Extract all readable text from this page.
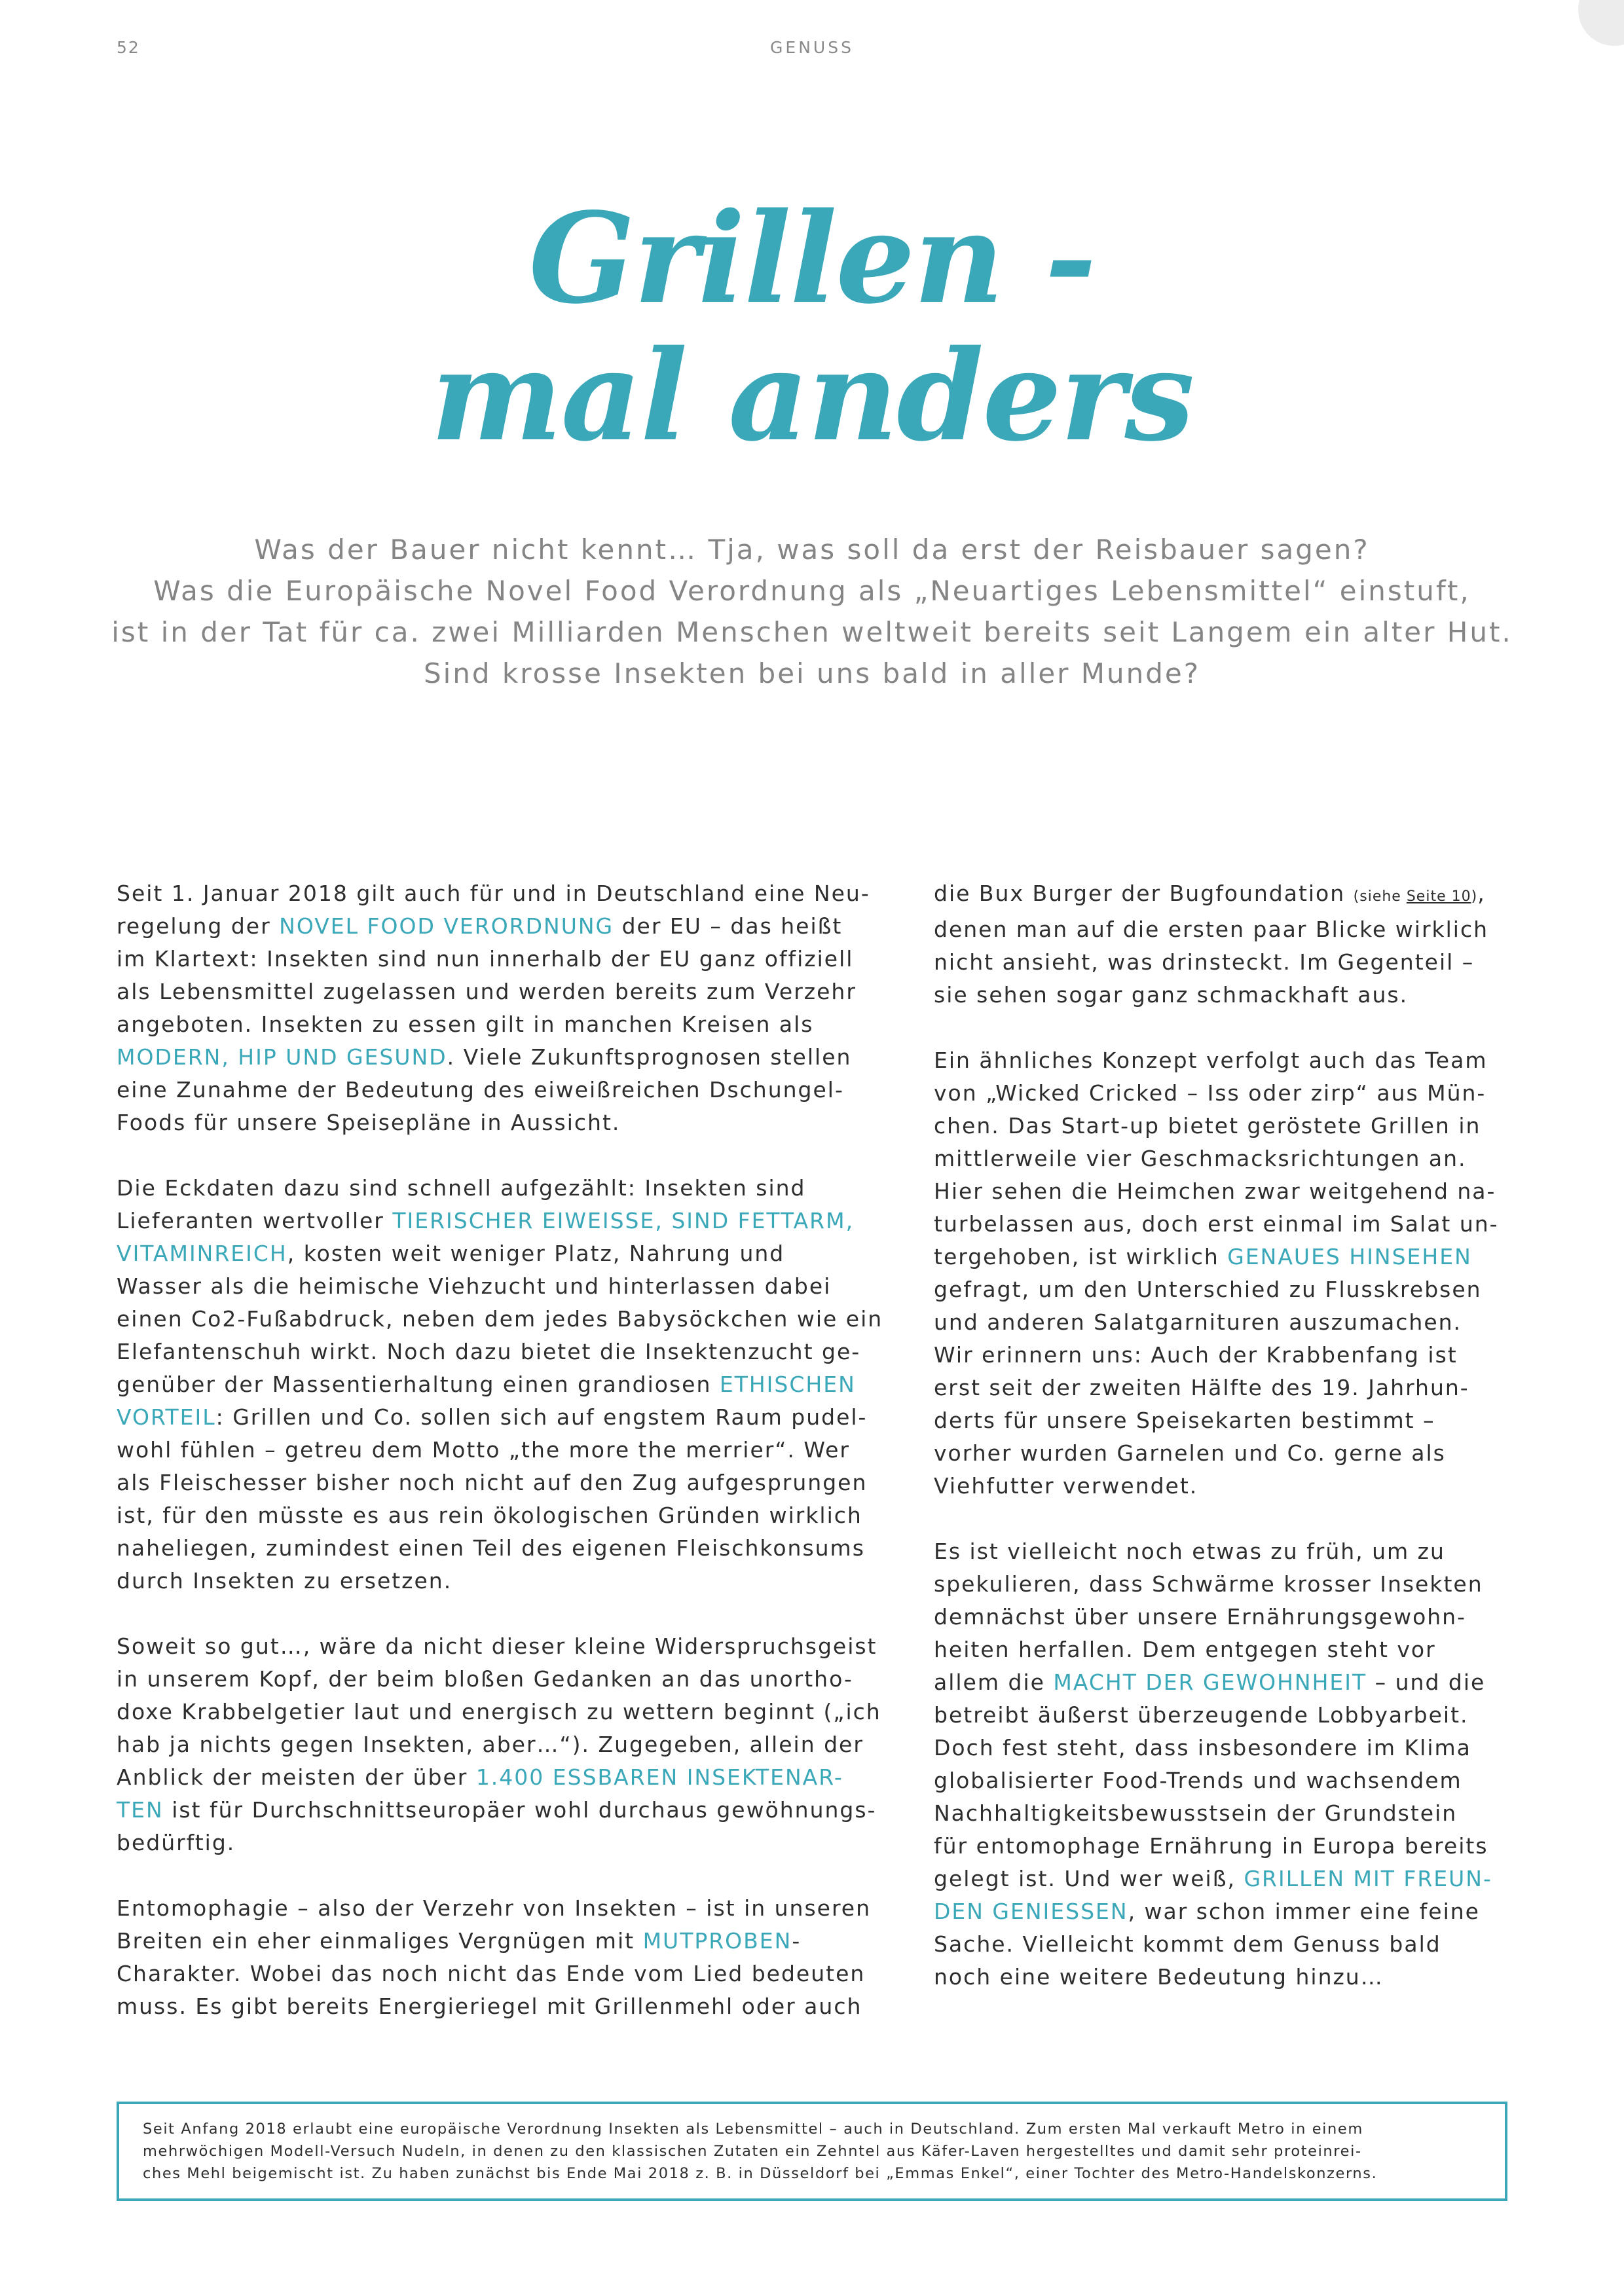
52	GENUSS
Grillen -
mal anders
Was der Bauer nicht kennt… Tja, was soll da erst der Reisbauer sagen?
Was die Europäische Novel Food Verordnung als „Neuartiges Lebensmittel“ einstuft,
ist in der Tat für ca. zwei Milliarden Menschen weltweit bereits seit Langem ein alter Hut.
Sind krosse Insekten bei uns bald in aller Munde?

Seit 1. Januar 2018 gilt auch für und in Deutschland eine Neu-
regelung der NOVEL FOOD VERORDNUNG der EU – das heißt
im Klartext: Insekten sind nun innerhalb der EU ganz offiziell
als Lebensmittel zugelassen und werden bereits zum Verzehr
angeboten. Insekten zu essen gilt in manchen Kreisen als
MODERN, HIP UND GESUND. Viele Zukunftsprognosen stellen
eine Zunahme der Bedeutung des eiweißreichen Dschungel-
Foods für unsere Speisepläne in Aussicht.

Die Eckdaten dazu sind schnell aufgezählt: Insekten sind
Lieferanten wertvoller TIERISCHER EIWEISSE, SIND FETTARM,
VITAMINREICH, kosten weit weniger Platz, Nahrung und
Wasser als die heimische Viehzucht und hinterlassen dabei
einen Co2-Fußabdruck, neben dem jedes Babysöckchen wie ein
Elefantenschuh wirkt. Noch dazu bietet die Insektenzucht ge-
genüber der Massentierhaltung einen grandiosen ETHISCHEN
VORTEIL: Grillen und Co. sollen sich auf engstem Raum pudel-
wohl fühlen – getreu dem Motto „the more the merrier“. Wer
als Fleischesser bisher noch nicht auf den Zug aufgesprungen
ist, für den müsste es aus rein ökologischen Gründen wirklich
naheliegen, zumindest einen Teil des eigenen Fleischkonsums
durch Insekten zu ersetzen.

Soweit so gut…, wäre da nicht dieser kleine Widerspruchsgeist
in unserem Kopf, der beim bloßen Gedanken an das unortho-
doxe Krabbelgetier laut und energisch zu wettern beginnt („ich
hab ja nichts gegen Insekten, aber…“). Zugegeben, allein der
Anblick der meisten der über 1.400 ESSBAREN INSEKTENAR-
TEN ist für Durchschnittseuropäer wohl durchaus gewöhnungs-
bedürftig.

Entomophagie – also der Verzehr von Insekten – ist in unseren
Breiten ein eher einmaliges Vergnügen mit MUTPROBEN-
Charakter. Wobei das noch nicht das Ende vom Lied bedeuten
muss. Es gibt bereits Energieriegel mit Grillenmehl oder auch

die Bux Burger der Bugfoundation (siehe Seite 10),
denen man auf die ersten paar Blicke wirklich
nicht ansieht, was drinsteckt. Im Gegenteil –
sie sehen sogar ganz schmackhaft aus.

Ein ähnliches Konzept verfolgt auch das Team
von „Wicked Cricked – Iss oder zirp“ aus Mün-
chen. Das Start-up bietet geröstete Grillen in
mittlerweile vier Geschmacksrichtungen an.
Hier sehen die Heimchen zwar weitgehend na-
turbelassen aus, doch erst einmal im Salat un-
tergehoben, ist wirklich GENAUES HINSEHEN
gefragt, um den Unterschied zu Flusskrebsen
und anderen Salatgarnituren auszumachen.
Wir erinnern uns: Auch der Krabbenfang ist
erst seit der zweiten Hälfte des 19. Jahrhun-
derts für unsere Speisekarten bestimmt –
vorher wurden Garnelen und Co. gerne als
Viehfutter verwendet.

Es ist vielleicht noch etwas zu früh, um zu
spekulieren, dass Schwärme krosser Insekten
demnächst über unsere Ernährungsgewohn-
heiten herfallen. Dem entgegen steht vor
allem die MACHT DER GEWOHNHEIT – und die
betreibt äußerst überzeugende Lobbyarbeit.
Doch fest steht, dass insbesondere im Klima
globalisierter Food-Trends und wachsendem
Nachhaltigkeitsbewusstsein der Grundstein
für entomophage Ernährung in Europa bereits
gelegt ist. Und wer weiß, GRILLEN MIT FREUN-
DEN GENIESSEN, war schon immer eine feine
Sache. Vielleicht kommt dem Genuss bald
noch eine weitere Bedeutung hinzu…

Seit Anfang 2018 erlaubt eine europäische Verordnung Insekten als Lebensmittel – auch in Deutschland. Zum ersten Mal verkauft Metro in einem
mehrwöchigen Modell-Versuch Nudeln, in denen zu den klassischen Zutaten ein Zehntel aus Käfer-Laven hergestelltes und damit sehr proteinrei-
ches Mehl beigemischt ist. Zu haben zunächst bis Ende Mai 2018 z. B. in Düsseldorf bei „Emmas Enkel“, einer Tochter des Metro-Handelskonzerns.
